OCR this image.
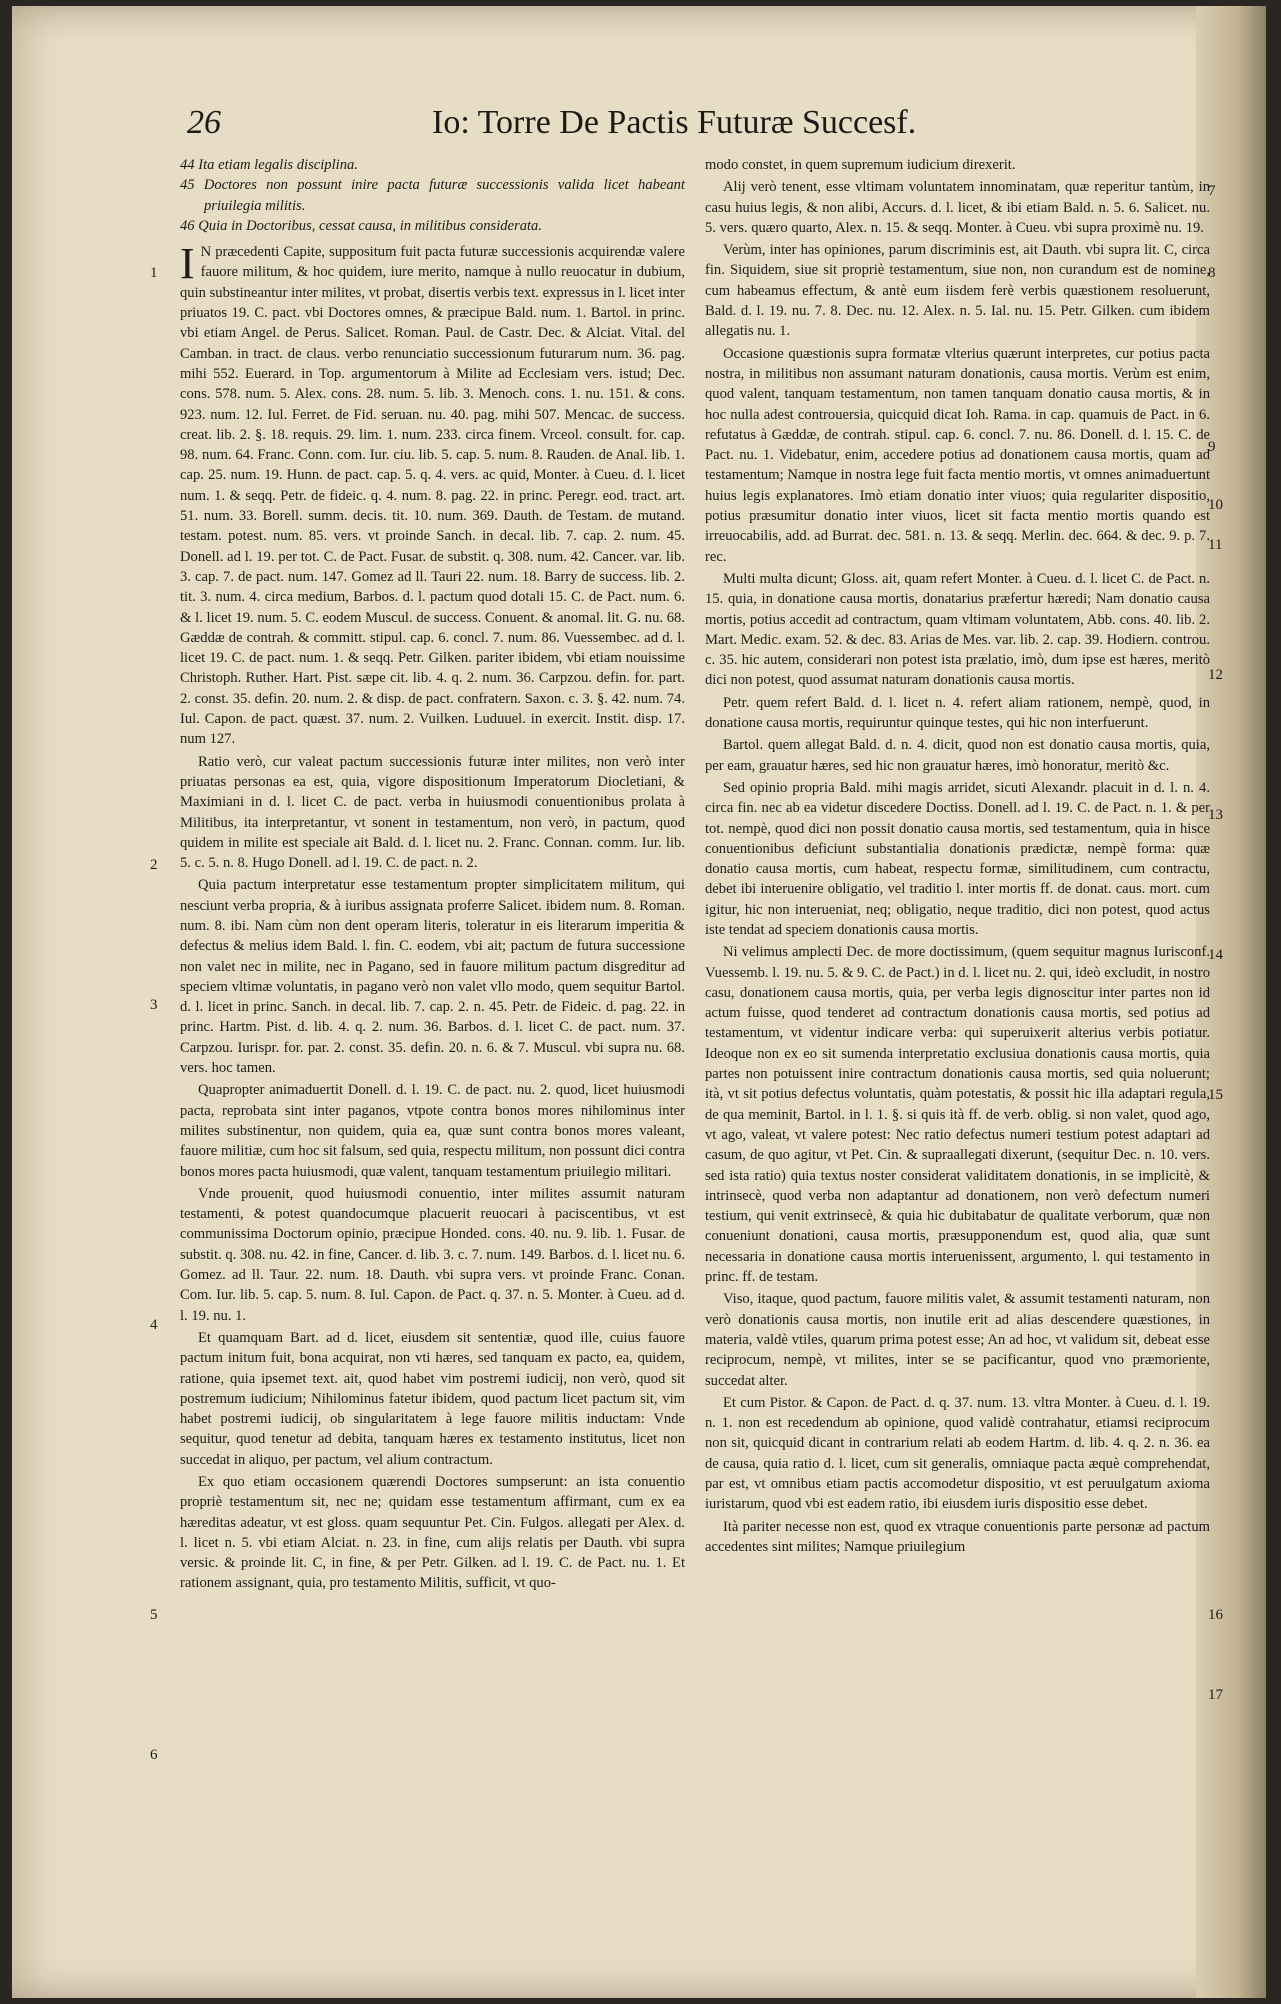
26	Io: Torre De Pactis Futuræ Succesf.
1
2
3
4
5
6
7
8
9
10
11
12
13
14
15
16
17
44 Ita etiam legalis disciplina.
45 Doctores non possunt inire pacta futuræ successionis valida licet habeant priuilegia militis.
46 Quia in Doctoribus, cessat causa, in militibus considerata.

I N præcedenti Capite, suppositum fuit pacta futuræ successionis acquirendæ valere fauore militum, & hoc quidem, iure merito, namque à nullo reuocatur in dubium, quin substineantur inter milites, vt probat, disertis verbis text. expressus in l. licet inter priuatos 19. C. pact. vbi Doctores omnes, & præcipue Bald. num. 1. Bartol. in princ. vbi etiam Angel. de Perus. Salicet. Roman. Paul. de Castr. Dec. & Alciat. Vital. del Camban. in tract. de claus. verbo renunciatio successionum futurarum num. 36. pag. mihi 552. Euerard. in Top. argumentorum à Milite ad Ecclesiam vers. istud; Dec. cons. 578. num. 5. Alex. cons. 28. num. 5. lib. 3. Menoch. cons. 1. nu. 151. & cons. 923. num. 12. Iul. Ferret. de Fid. seruan. nu. 40. pag. mihi 507. Mencac. de success. creat. lib. 2. §. 18. requis. 29. lim. 1. num. 233. circa finem. Vrceol. consult. for. cap. 98. num. 64. Franc. Conn. com. Iur. ciu. lib. 5. cap. 5. num. 8. Rauden. de Anal. lib. 1. cap. 25. num. 19. Hunn. de pact. cap. 5. q. 4. vers. ac quid, Monter. à Cueu. d. l. licet num. 1. & seqq. Petr. de fideic. q. 4. num. 8. pag. 22. in princ. Peregr. eod. tract. art. 51. num. 33. Borell. summ. decis. tit. 10. num. 369. Dauth. de Testam. de mutand. testam. potest. num. 85. vers. vt proinde Sanch. in decal. lib. 7. cap. 2. num. 45. Donell. ad l. 19. per tot. C. de Pact. Fusar. de substit. q. 308. num. 42. Cancer. var. lib. 3. cap. 7. de pact. num. 147. Gomez ad ll. Tauri 22. num. 18. Barry de success. lib. 2. tit. 3. num. 4. circa medium, Barbos. d. l. pactum quod dotali 15. C. de Pact. num. 6. & l. licet 19. num. 5. C. eodem Muscul. de success. Conuent. & anomal. lit. G. nu. 68. Gæddæ de contrah. & committ. stipul. cap. 6. concl. 7. num. 86. Vuessembec. ad d. l. licet 19. C. de pact. num. 1. & seqq. Petr. Gilken. pariter ibidem, vbi etiam nouissime Christoph. Ruther. Hart. Pist. sæpe cit. lib. 4. q. 2. num. 36. Carpzou. defin. for. part. 2. const. 35. defin. 20. num. 2. & disp. de pact. confratern. Saxon. c. 3. §. 42. num. 74. Iul. Capon. de pact. quæst. 37. num. 2. Vuilken. Luduuel. in exercit. Instit. disp. 17. num 127.

Ratio verò, cur valeat pactum successionis futuræ inter milites, non verò inter priuatas personas ea est, quia, vigore dispositionum Imperatorum Diocletiani, & Maximiani in d. l. licet C. de pact. verba in huiusmodi conuentionibus prolata à Militibus, ita interpretantur, vt sonent in testamentum, non verò, in pactum, quod quidem in milite est speciale ait Bald. d. l. licet nu. 2. Franc. Connan. comm. Iur. lib. 5. c. 5. n. 8. Hugo Donell. ad l. 19. C. de pact. n. 2.

Quia pactum interpretatur esse testamentum propter simplicitatem militum, qui nesciunt verba propria, & à iuribus assignata proferre Salicet. ibidem num. 8. Roman. num. 8. ibi. Nam cùm non dent operam literis, toleratur in eis literarum imperitia & defectus & melius idem Bald. l. fin. C. eodem, vbi ait; pactum de futura successione non valet nec in milite, nec in Pagano, sed in fauore militum pactum disgreditur ad speciem vltimæ voluntatis, in pagano verò non valet vllo modo, quem sequitur Bartol. d. l. licet in princ. Sanch. in decal. lib. 7. cap. 2. n. 45. Petr. de Fideic. d. pag. 22. in princ. Hartm. Pist. d. lib. 4. q. 2. num. 36. Barbos. d. l. licet C. de pact. num. 37. Carpzou. Iurispr. for. par. 2. const. 35. defin. 20. n. 6. & 7. Muscul. vbi supra nu. 68. vers. hoc tamen.

Quapropter animaduertit Donell. d. l. 19. C. de pact. nu. 2. quod, licet huiusmodi pacta, reprobata sint inter paganos, vtpote contra bonos mores nihilominus inter milites substinentur, non quidem, quia ea, quæ sunt contra bonos mores valeant, fauore militiæ, cum hoc sit falsum, sed quia, respectu militum, non possunt dici contra bonos mores pacta huiusmodi, quæ valent, tanquam testamentum priuilegio militari.

Vnde prouenit, quod huiusmodi conuentio, inter milites assumit naturam testamenti, & potest quandocumque placuerit reuocari à paciscentibus, vt est communissima Doctorum opinio, præcipue Honded. cons. 40. nu. 9. lib. 1. Fusar. de substit. q. 308. nu. 42. in fine, Cancer. d. lib. 3. c. 7. num. 149. Barbos. d. l. licet nu. 6. Gomez. ad ll. Taur. 22. num. 18. Dauth. vbi supra vers. vt proinde Franc. Conan. Com. Iur. lib. 5. cap. 5. num. 8. Iul. Capon. de Pact. q. 37. n. 5. Monter. à Cueu. ad d. l. 19. nu. 1.

Et quamquam Bart. ad d. licet, eiusdem sit sententiæ, quod ille, cuius fauore pactum initum fuit, bona acquirat, non vti hæres, sed tanquam ex pacto, ea, quidem, ratione, quia ipsemet text. ait, quod habet vim postremi iudicij, non verò, quod sit postremum iudicium; Nihilominus fatetur ibidem, quod pactum licet pactum sit, vim habet postremi iudicij, ob singularitatem à lege fauore militis inductam: Vnde sequitur, quod tenetur ad debita, tanquam hæres ex testamento institutus, licet non succedat in aliquo, per pactum, vel alium contractum.

Ex quo etiam occasionem quærendi Doctores sumpserunt: an ista conuentio propriè testamentum sit, nec ne; quidam esse testamentum affirmant, cum ex ea hæreditas adeatur, vt est gloss. quam sequuntur Pet. Cin. Fulgos. allegati per Alex. d. l. licet n. 5. vbi etiam Alciat. n. 23. in fine, cum alijs relatis per Dauth. vbi supra versic. & proinde lit. C, in fine, & per Petr. Gilken. ad l. 19. C. de Pact. nu. 1. Et rationem assignant, quia, pro testamento Militis, sufficit, vt quo-

modo constet, in quem supremum iudicium direxerit.

Alij verò tenent, esse vltimam voluntatem innominatam, quæ reperitur tantùm, in casu huius legis, & non alibi, Accurs. d. l. licet, & ibi etiam Bald. n. 5. 6. Salicet. nu. 5. vers. quæro quarto, Alex. n. 15. & seqq. Monter. à Cueu. vbi supra proximè nu. 19.

Verùm, inter has opiniones, parum discriminis est, ait Dauth. vbi supra lit. C, circa fin. Siquidem, siue sit propriè testamentum, siue non, non curandum est de nomine, cum habeamus effectum, & antè eum iisdem ferè verbis quæstionem resoluerunt, Bald. d. l. 19. nu. 7. 8. Dec. nu. 12. Alex. n. 5. Ial. nu. 15. Petr. Gilken. cum ibidem allegatis nu. 1.

Occasione quæstionis supra formatæ vlterius quærunt interpretes, cur potius pacta nostra, in militibus non assumant naturam donationis, causa mortis. Verùm est enim, quod valent, tanquam testamentum, non tamen tanquam donatio causa mortis, & in hoc nulla adest controuersia, quicquid dicat Ioh. Rama. in cap. quamuis de Pact. in 6. refutatus à Gæddæ, de contrah. stipul. cap. 6. concl. 7. nu. 86. Donell. d. l. 15. C. de Pact. nu. 1. Videbatur, enim, accedere potius ad donationem causa mortis, quam ad testamentum; Namque in nostra lege fuit facta mentio mortis, vt omnes animaduertunt huius legis explanatores. Imò etiam donatio inter viuos; quia regulariter dispositio, potius præsumitur donatio inter viuos, licet sit facta mentio mortis quando est irreuocabilis, add. ad Burrat. dec. 581. n. 13. & seqq. Merlin. dec. 664. & dec. 9. p. 7. rec.

Multi multa dicunt; Gloss. ait, quam refert Monter. à Cueu. d. l. licet C. de Pact. n. 15. quia, in donatione causa mortis, donatarius præfertur hæredi; Nam donatio causa mortis, potius accedit ad contractum, quam vltimam voluntatem, Abb. cons. 40. lib. 2. Mart. Medic. exam. 52. & dec. 83. Arias de Mes. var. lib. 2. cap. 39. Hodiern. controu. c. 35. hic autem, considerari non potest ista prælatio, imò, dum ipse est hæres, meritò dici non potest, quod assumat naturam donationis causa mortis.

Petr. quem refert Bald. d. l. licet n. 4. refert aliam rationem, nempè, quod, in donatione causa mortis, requiruntur quinque testes, qui hic non interfuerunt.

Bartol. quem allegat Bald. d. n. 4. dicit, quod non est donatio causa mortis, quia, per eam, grauatur hæres, sed hic non grauatur hæres, imò honoratur, meritò &c.

Sed opinio propria Bald. mihi magis arridet, sicuti Alexandr. placuit in d. l. n. 4. circa fin. nec ab ea videtur discedere Doctiss. Donell. ad l. 19. C. de Pact. n. 1. & per tot. nempè, quod dici non possit donatio causa mortis, sed testamentum, quia in hisce conuentionibus deficiunt substantialia donationis prædictæ, nempè forma: quæ donatio causa mortis, cum habeat, respectu formæ, similitudinem, cum contractu, debet ibi interuenire obligatio, vel traditio l. inter mortis ff. de donat. caus. mort. cum igitur, hic non interueniat, neq; obligatio, neque traditio, dici non potest, quod actus iste tendat ad speciem donationis causa mortis.

Ni velimus amplecti Dec. de more doctissimum, (quem sequitur magnus Iurisconf. Vuessemb. l. 19. nu. 5. & 9. C. de Pact.) in d. l. licet nu. 2. qui, ideò excludit, in nostro casu, donationem causa mortis, quia, per verba legis dignoscitur inter partes non id actum fuisse, quod tenderet ad contractum donationis causa mortis, sed potius ad testamentum, vt videntur indicare verba: qui superuixerit alterius verbis potiatur. Ideoque non ex eo sit sumenda interpretatio exclusiua donationis causa mortis, quia partes non potuissent inire contractum donationis causa mortis, sed quia noluerunt; ità, vt sit potius defectus voluntatis, quàm potestatis, & possit hic illa adaptari regula, de qua meminit, Bartol. in l. 1. §. si quis ità ff. de verb. oblig. si non valet, quod ago, vt ago, valeat, vt valere potest: Nec ratio defectus numeri testium potest adaptari ad casum, de quo agitur, vt Pet. Cin. & supraallegati dixerunt, (sequitur Dec. n. 10. vers. sed ista ratio) quia textus noster considerat validitatem donationis, in se implicitè, & intrinsecè, quod verba non adaptantur ad donationem, non verò defectum numeri testium, qui venit extrinsecè, & quia hic dubitabatur de qualitate verborum, quæ non conueniunt donationi, causa mortis, præsupponendum est, quod alia, quæ sunt necessaria in donatione causa mortis interuenissent, argumento, l. qui testamento in princ. ff. de testam.

Viso, itaque, quod pactum, fauore militis valet, & assumit testamenti naturam, non verò donationis causa mortis, non inutile erit ad alias descendere quæstiones, in materia, valdè vtiles, quarum prima potest esse; An ad hoc, vt validum sit, debeat esse reciprocum, nempè, vt milites, inter se se pacificantur, quod vno præmoriente, succedat alter.

Et cum Pistor. & Capon. de Pact. d. q. 37. num. 13. vltra Monter. à Cueu. d. l. 19. n. 1. non est recedendum ab opinione, quod validè contrahatur, etiamsi reciprocum non sit, quicquid dicant in contrarium relati ab eodem Hartm. d. lib. 4. q. 2. n. 36. ea de causa, quia ratio d. l. licet, cum sit generalis, omniaque pacta æquè comprehendat, par est, vt omnibus etiam pactis accomodetur dispositio, vt est peruulgatum axioma iuristarum, quod vbi est eadem ratio, ibi eiusdem iuris dispositio esse debet.

Ità pariter necesse non est, quod ex vtraque conuentionis parte personæ ad pactum accedentes sint milites; Namque priuilegium
